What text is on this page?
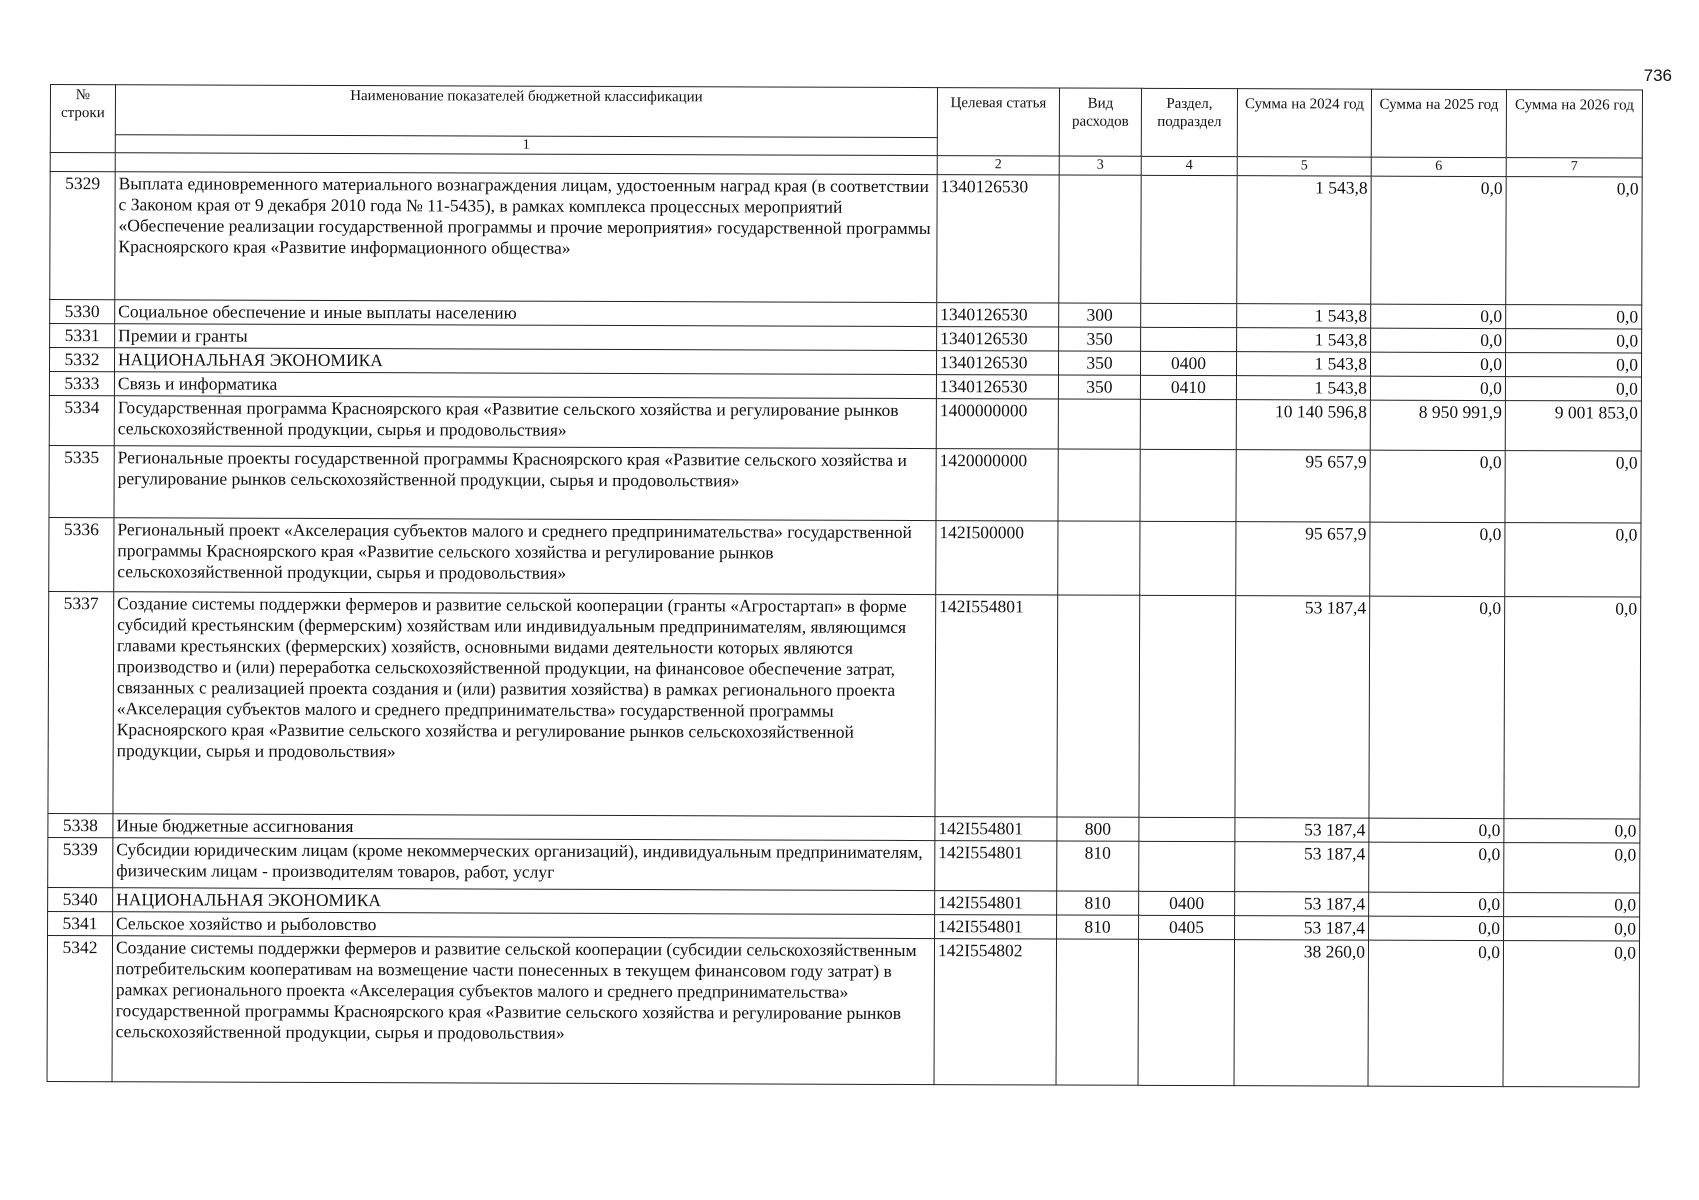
736
№ строки	Наименование показателей бюджетной классификации	Целевая статья	Вид расходов	Раздел, подраздел	Сумма на 2024 год	Сумма на 2025 год	Сумма на 2026 год
	1						
		2	3	4	5	6	7
5329	Выплата единовременного материального вознаграждения лицам, удостоенным наград края (в соответствии с Законом края от 9 декабря 2010 года № 11-5435), в рамках комплекса процессных мероприятий «Обеспечение реализации государственной программы и прочие мероприятия» государственной программы Красноярского края «Развитие информационного общества»	1340126530			1 543,8	0,0	0,0
5330	Социальное обеспечение и иные выплаты населению	1340126530	300		1 543,8	0,0	0,0
5331	Премии и гранты	1340126530	350		1 543,8	0,0	0,0
5332	НАЦИОНАЛЬНАЯ ЭКОНОМИКА	1340126530	350	0400	1 543,8	0,0	0,0
5333	Связь и информатика	1340126530	350	0410	1 543,8	0,0	0,0
5334	Государственная программа Красноярского края «Развитие сельского хозяйства и регулирование рынков сельскохозяйственной продукции, сырья и продовольствия»	1400000000			10 140 596,8	8 950 991,9	9 001 853,0
5335	Региональные проекты государственной программы Красноярского края «Развитие сельского хозяйства и регулирование рынков сельскохозяйственной продукции, сырья и продовольствия»	1420000000			95 657,9	0,0	0,0
5336	Региональный проект «Акселерация субъектов малого и среднего предпринимательства» государственной программы Красноярского края «Развитие сельского хозяйства и регулирование рынков сельскохозяйственной продукции, сырья и продовольствия»	142I500000			95 657,9	0,0	0,0
5337	Создание системы поддержки фермеров и развитие сельской кооперации (гранты «Агростартап» в форме субсидий крестьянским (фермерским) хозяйствам или индивидуальным предпринимателям, являющимся главами крестьянских (фермерских) хозяйств, основными видами деятельности которых являются производство и (или) переработка сельскохозяйственной продукции, на финансовое обеспечение затрат, связанных с реализацией проекта создания и (или) развития хозяйства) в рамках регионального проекта «Акселерация субъектов малого и среднего предпринимательства» государственной программы Красноярского края «Развитие сельского хозяйства и регулирование рынков сельскохозяйственной продукции, сырья и продовольствия»	142I554801			53 187,4	0,0	0,0
5338	Иные бюджетные ассигнования	142I554801	800		53 187,4	0,0	0,0
5339	Субсидии юридическим лицам (кроме некоммерческих организаций), индивидуальным предпринимателям, физическим лицам - производителям товаров, работ, услуг	142I554801	810		53 187,4	0,0	0,0
5340	НАЦИОНАЛЬНАЯ ЭКОНОМИКА	142I554801	810	0400	53 187,4	0,0	0,0
5341	Сельское хозяйство и рыболовство	142I554801	810	0405	53 187,4	0,0	0,0
5342	Создание системы поддержки фермеров и развитие сельской кооперации (субсидии сельскохозяйственным потребительским кооперативам на возмещение части понесенных в текущем финансовом году затрат) в рамках регионального проекта «Акселерация субъектов малого и среднего предпринимательства» государственной программы Красноярского края «Развитие сельского хозяйства и регулирование рынков сельскохозяйственной продукции, сырья и продовольствия»	142I554802			38 260,0	0,0	0,0
